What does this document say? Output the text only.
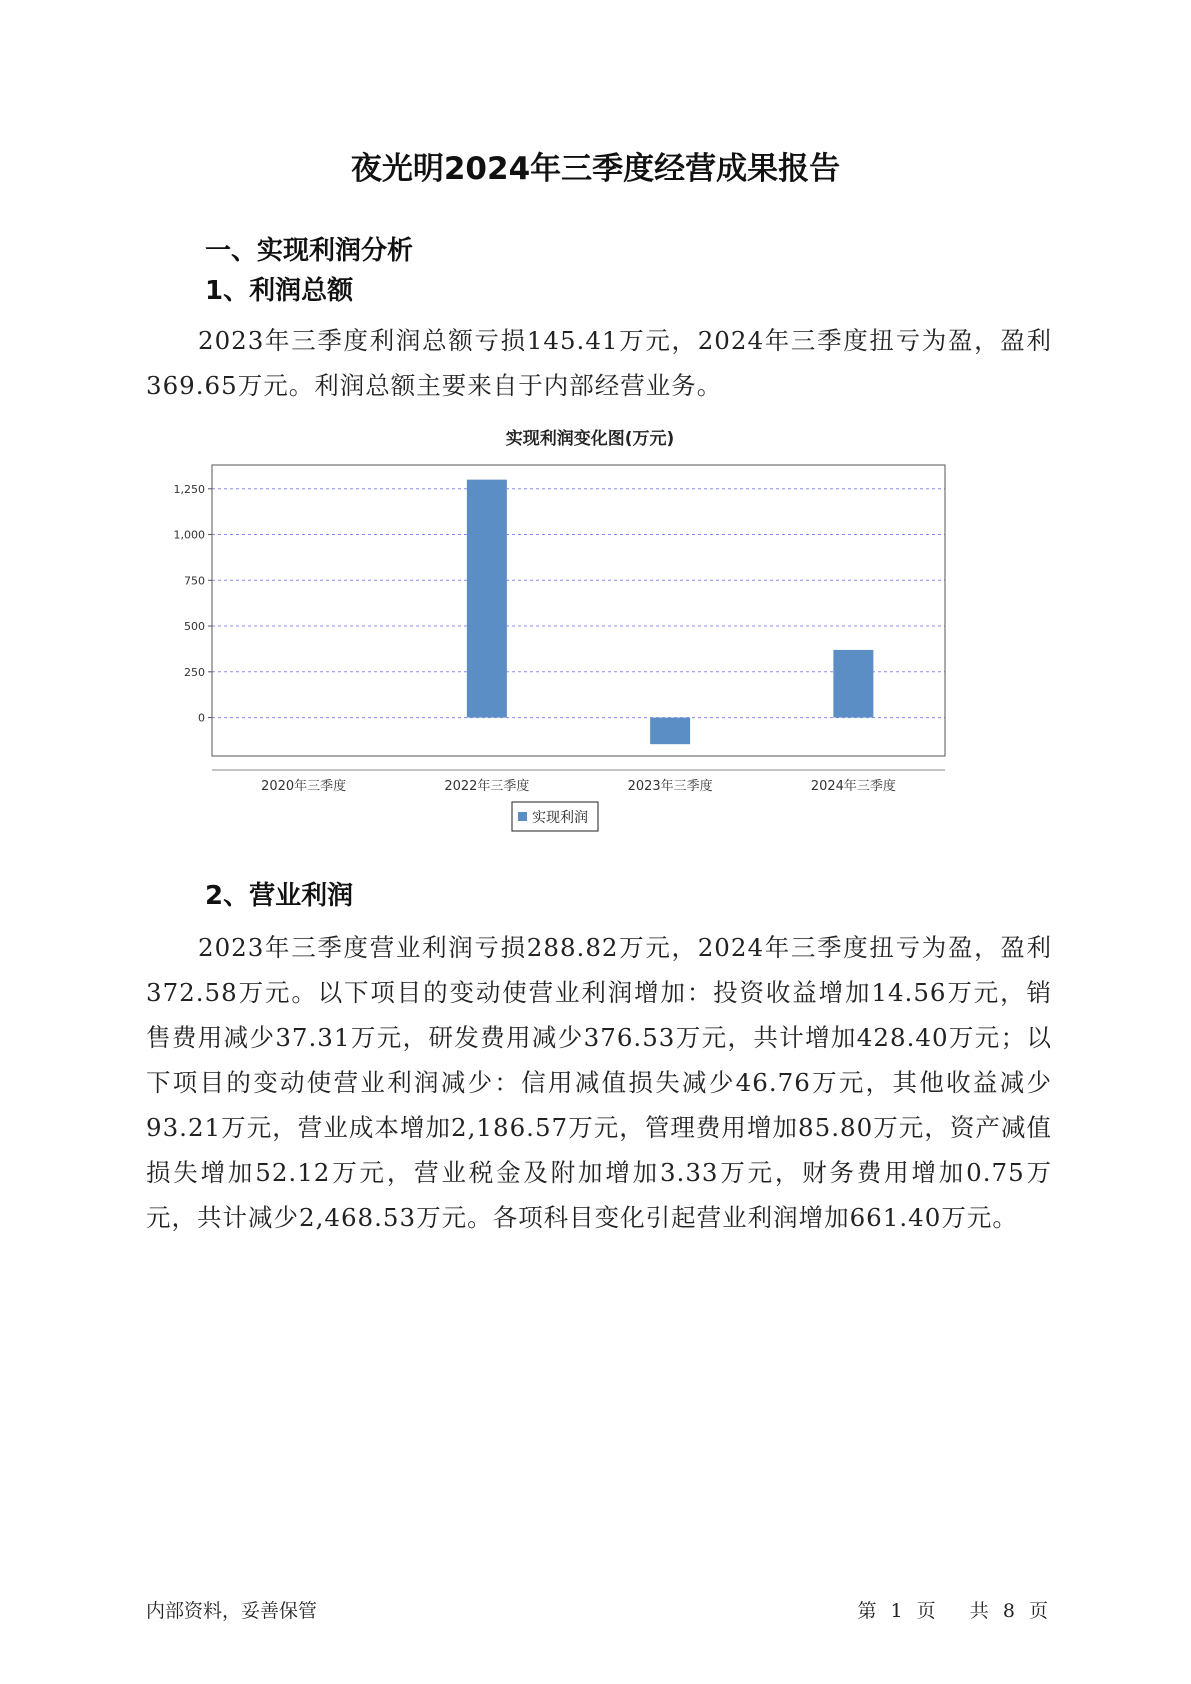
夜光明2024年三季度经营成果报告
一、实现利润分析
1、利润总额
2023年三季度利润总额亏损145.41万元，2024年三季度扭亏为盈，盈利369.65万元。利润总额主要来自于内部经营业务。
实现利润变化图(万元)
0
250
500
750
1,000
1,250
2020年三季度	2022年三季度	2023年三季度	2024年三季度
实现利润
2、营业利润
2023年三季度营业利润亏损288.82万元，2024年三季度扭亏为盈，盈利372.58万元。以下项目的变动使营业利润增加：投资收益增加14.56万元，销售费用减少37.31万元，研发费用减少376.53万元，共计增加428.40万元；以下项目的变动使营业利润减少：信用减值损失减少46.76万元，其他收益减少93.21万元，营业成本增加2,186.57万元，管理费用增加85.80万元，资产减值损失增加52.12万元，营业税金及附加增加3.33万元，财务费用增加0.75万元，共计减少2,468.53万元。各项科目变化引起营业利润增加661.40万元。
内部资料，妥善保管	第 1 页 共 8 页
